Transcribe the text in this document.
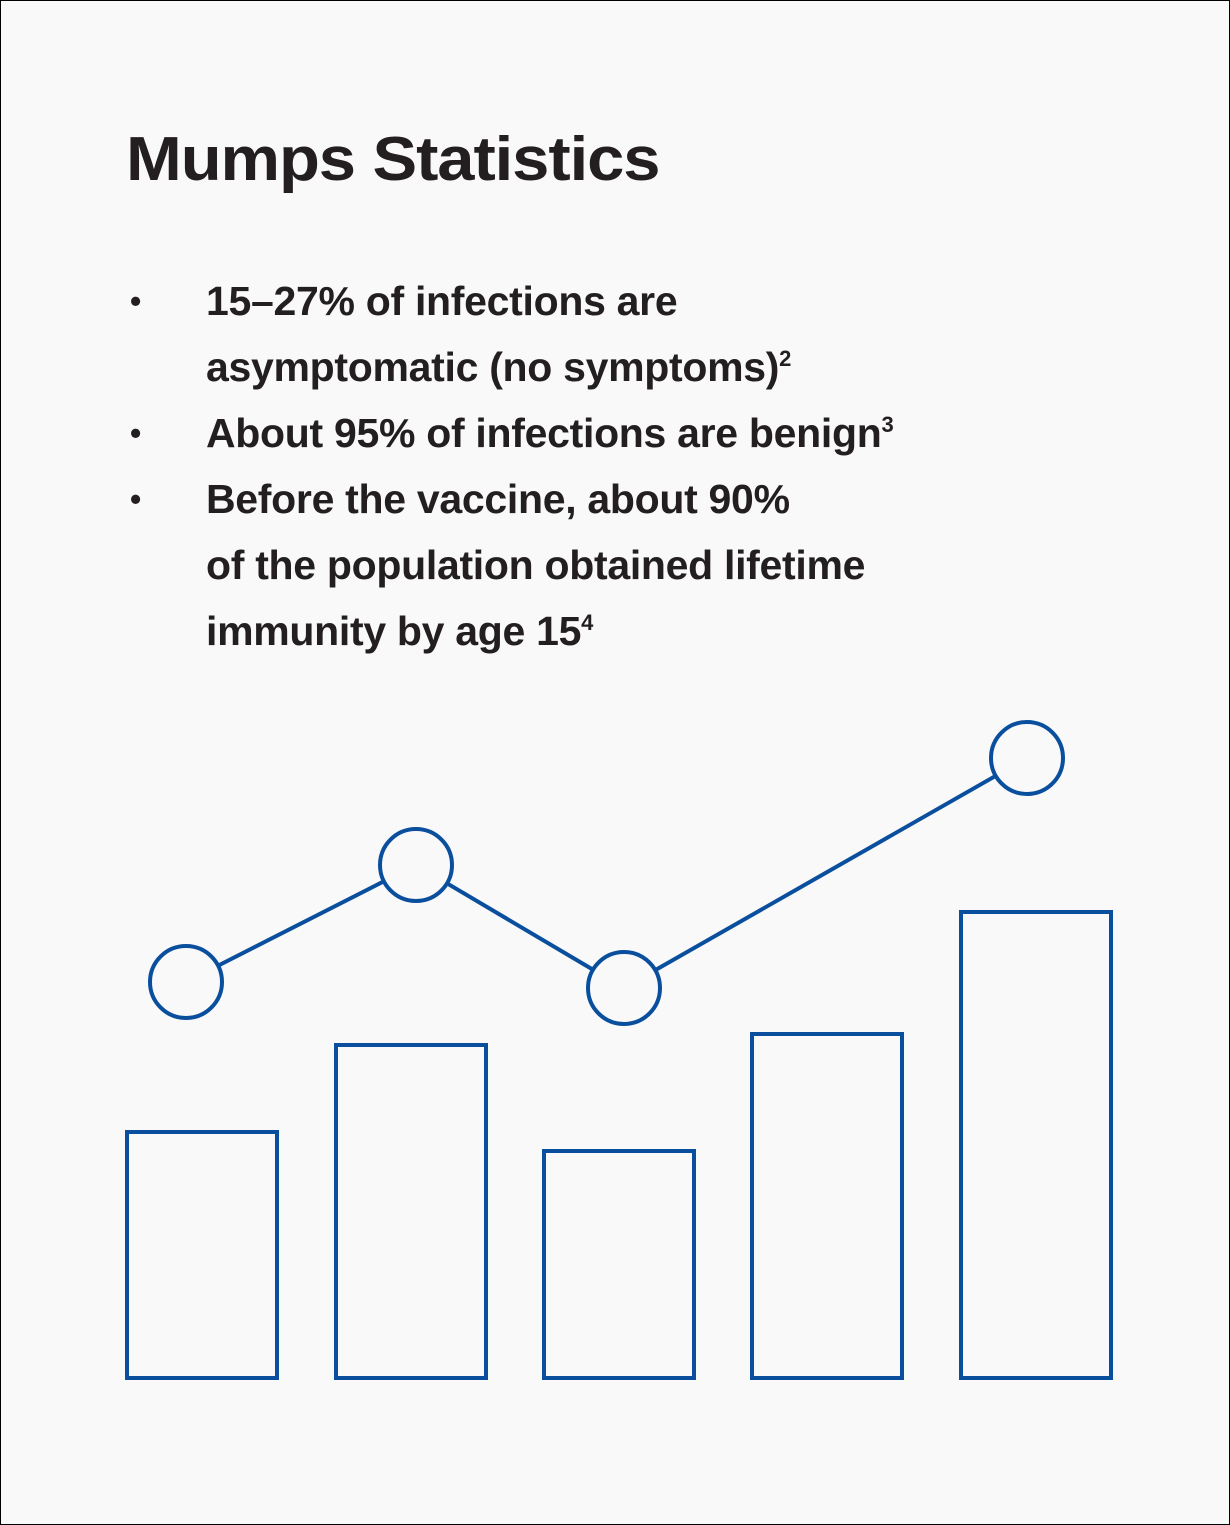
Mumps Statistics
• 15–27% of infections are
asymptomatic (no symptoms)$^2$
• About 95% of infections are benign$^3$
• Before the vaccine, about 90%
of the population obtained lifetime
immunity by age $15^4$
